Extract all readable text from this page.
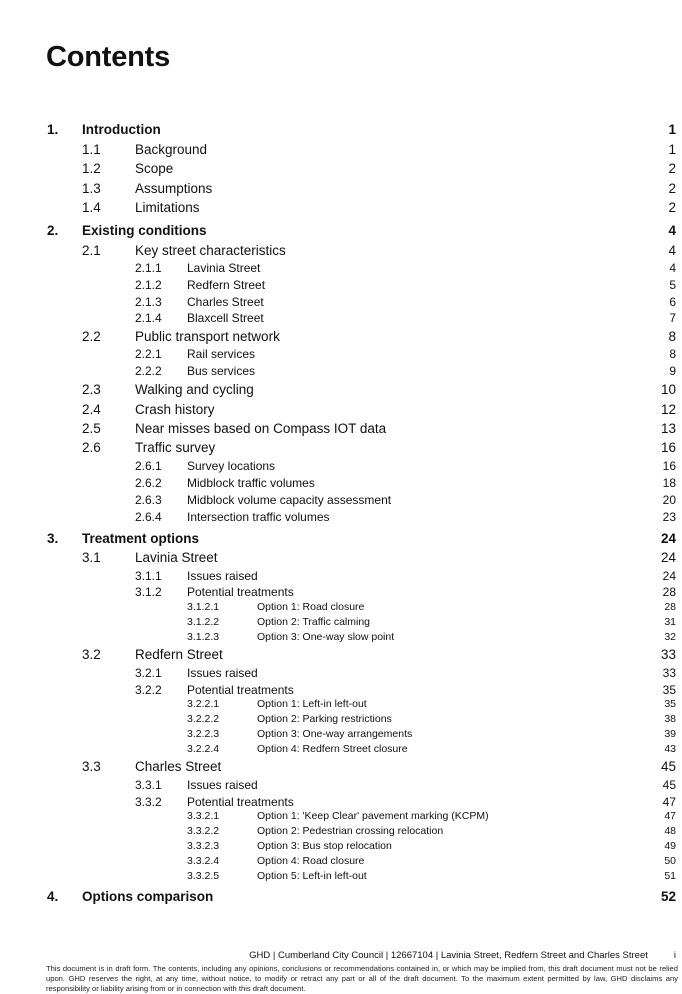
Contents
1. Introduction	1
1.1	Background	1
1.2	Scope	2
1.3	Assumptions	2
1.4	Limitations	2
2. Existing conditions	4
2.1	Key street characteristics	4
2.1.1 Lavinia Street	4
2.1.2 Redfern Street	5
2.1.3 Charles Street	6
2.1.4 Blaxcell Street	7
2.2	Public transport network	8
2.2.1 Rail services	8
2.2.2 Bus services	9
2.3	Walking and cycling	10
2.4	Crash history	12
2.5	Near misses based on Compass IOT data	13
2.6	Traffic survey	16
2.6.1 Survey locations	16
2.6.2 Midblock traffic volumes	18
2.6.3 Midblock volume capacity assessment	20
2.6.4 Intersection traffic volumes	23
3. Treatment options	24
3.1	Lavinia Street	24
3.1.1 Issues raised	24
3.1.2 Potential treatments	28
3.1.2.1	Option 1: Road closure	28
3.1.2.2	Option 2: Traffic calming	31
3.1.2.3	Option 3: One-way slow point	32
3.2	Redfern Street	33
3.2.1 Issues raised	33
3.2.2 Potential treatments	35
3.2.2.1	Option 1: Left-in left-out	35
3.2.2.2	Option 2: Parking restrictions	38
3.2.2.3	Option 3: One-way arrangements	39
3.2.2.4	Option 4: Redfern Street closure	43
3.3	Charles Street	45
3.3.1 Issues raised	45
3.3.2 Potential treatments	47
3.3.2.1	Option 1: 'Keep Clear' pavement marking (KCPM)	47
3.3.2.2	Option 2: Pedestrian crossing relocation	48
3.3.2.3	Option 3: Bus stop relocation	49
3.3.2.4	Option 4: Road closure	50
3.3.2.5	Option 5: Left-in left-out	51
4. Options comparison	52
GHD | Cumberland City Council | 12667104 | Lavinia Street, Redfern Street and Charles Street	i
This document is in draft form. The contents, including any opinions, conclusions or recommendations contained in, or which may be implied from, this draft document must not be relied upon. GHD reserves the right, at any time, without notice, to modify or retract any part or all of the draft document. To the maximum extent permitted by law, GHD disclaims any responsibility or liability arising from or in connection with this draft document.
